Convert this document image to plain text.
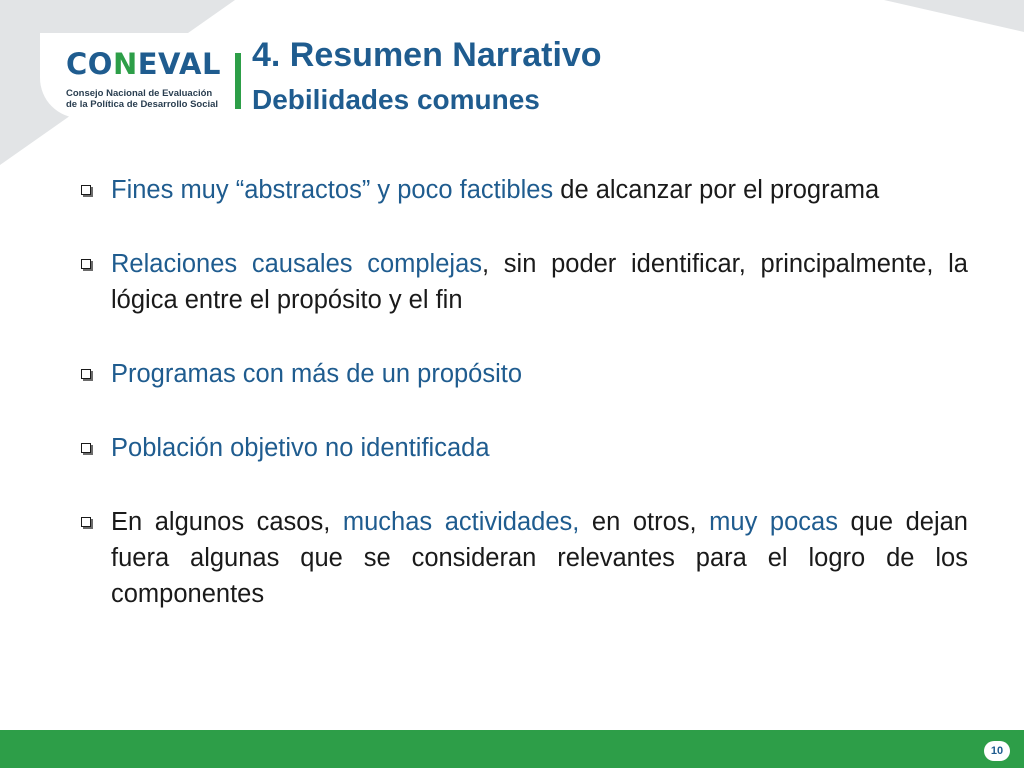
CONEVAL
Consejo Nacional de Evaluación
de la Política de Desarrollo Social
4. Resumen Narrativo
Debilidades comunes
Fines muy “abstractos” y poco factibles de alcanzar por el programa
Relaciones causales complejas, sin poder identificar, principalmente, la lógica entre el propósito y el fin
Programas con más de un propósito
Población objetivo no identificada
En algunos casos, muchas actividades, en otros, muy pocas que dejan fuera algunas que se consideran relevantes para el logro de los componentes
10
